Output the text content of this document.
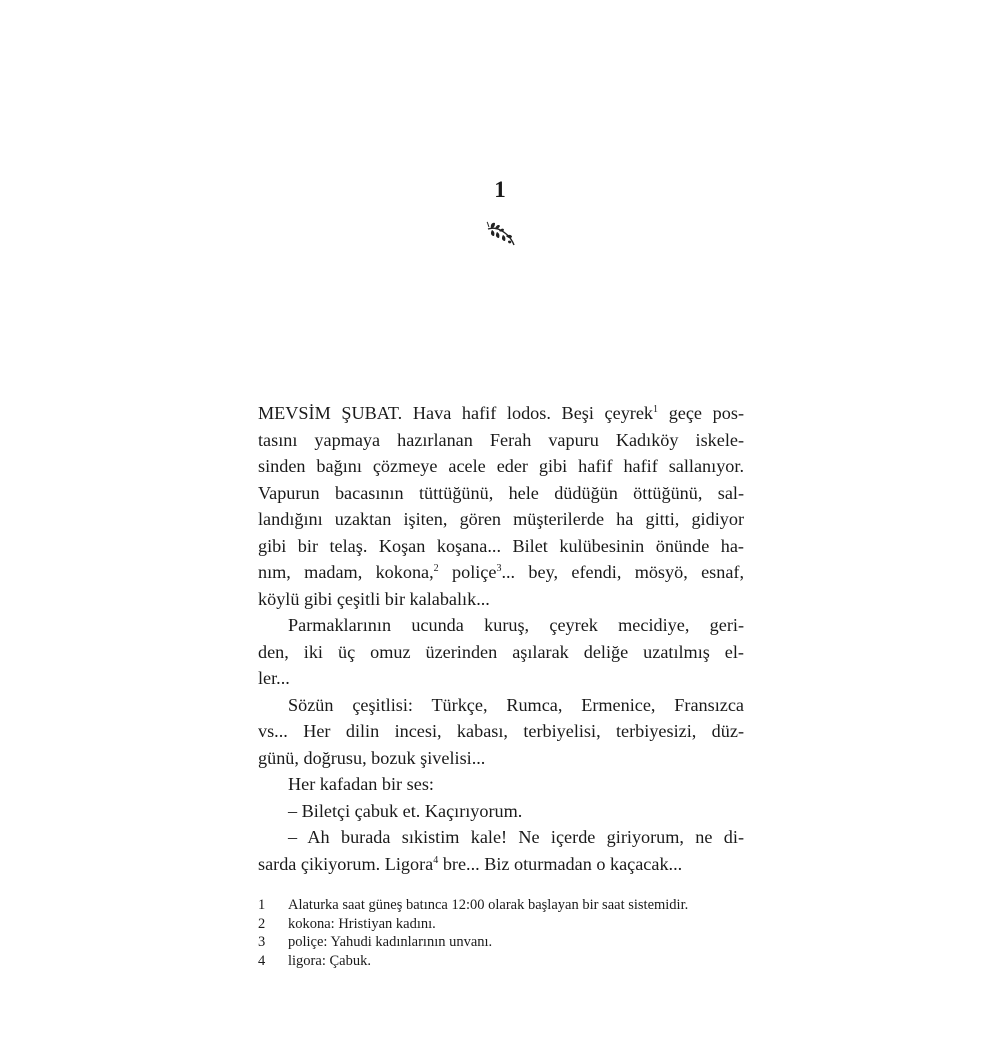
1
MEVSİM ŞUBAT. Hava hafif lodos. Beşi çeyrek$^1$ geçe pos-
tasını yapmaya hazırlanan Ferah vapuru Kadıköy iskele-
sinden bağını çözmeye acele eder gibi hafif hafif sallanıyor.
Vapurun bacasının tüttüğünü, hele düdüğün öttüğünü, sal-
landığını uzaktan işiten, gören müşterilerde ha gitti, gidiyor
gibi bir telaş. Koşan koşana... Bilet kulübesinin önünde ha-
nım, madam, kokona,$^2$ poliçe$^3$... bey, efendi, mösyö, esnaf,
köylü gibi çeşitli bir kalabalık...
Parmaklarının ucunda kuruş, çeyrek mecidiye, geri-
den, iki üç omuz üzerinden aşılarak deliğe uzatılmış el-
ler...
Sözün çeşitlisi: Türkçe, Rumca, Ermenice, Fransızca
vs... Her dilin incesi, kabası, terbiyelisi, terbiyesizi, düz-
günü, doğrusu, bozuk şivelisi...
Her kafadan bir ses:
– Biletçi çabuk et. Kaçırıyorum.
– Ah burada sıkistim kale! Ne içerde giriyorum, ne di-
sarda çikiyorum. Ligora$^4$ bre... Biz oturmadan o kaçacak...
1	Alaturka saat güneş batınca 12:00 olarak başlayan bir saat sistemidir.
2	kokona: Hristiyan kadını.
3	poliçe: Yahudi kadınlarının unvanı.
4	ligora: Çabuk.
